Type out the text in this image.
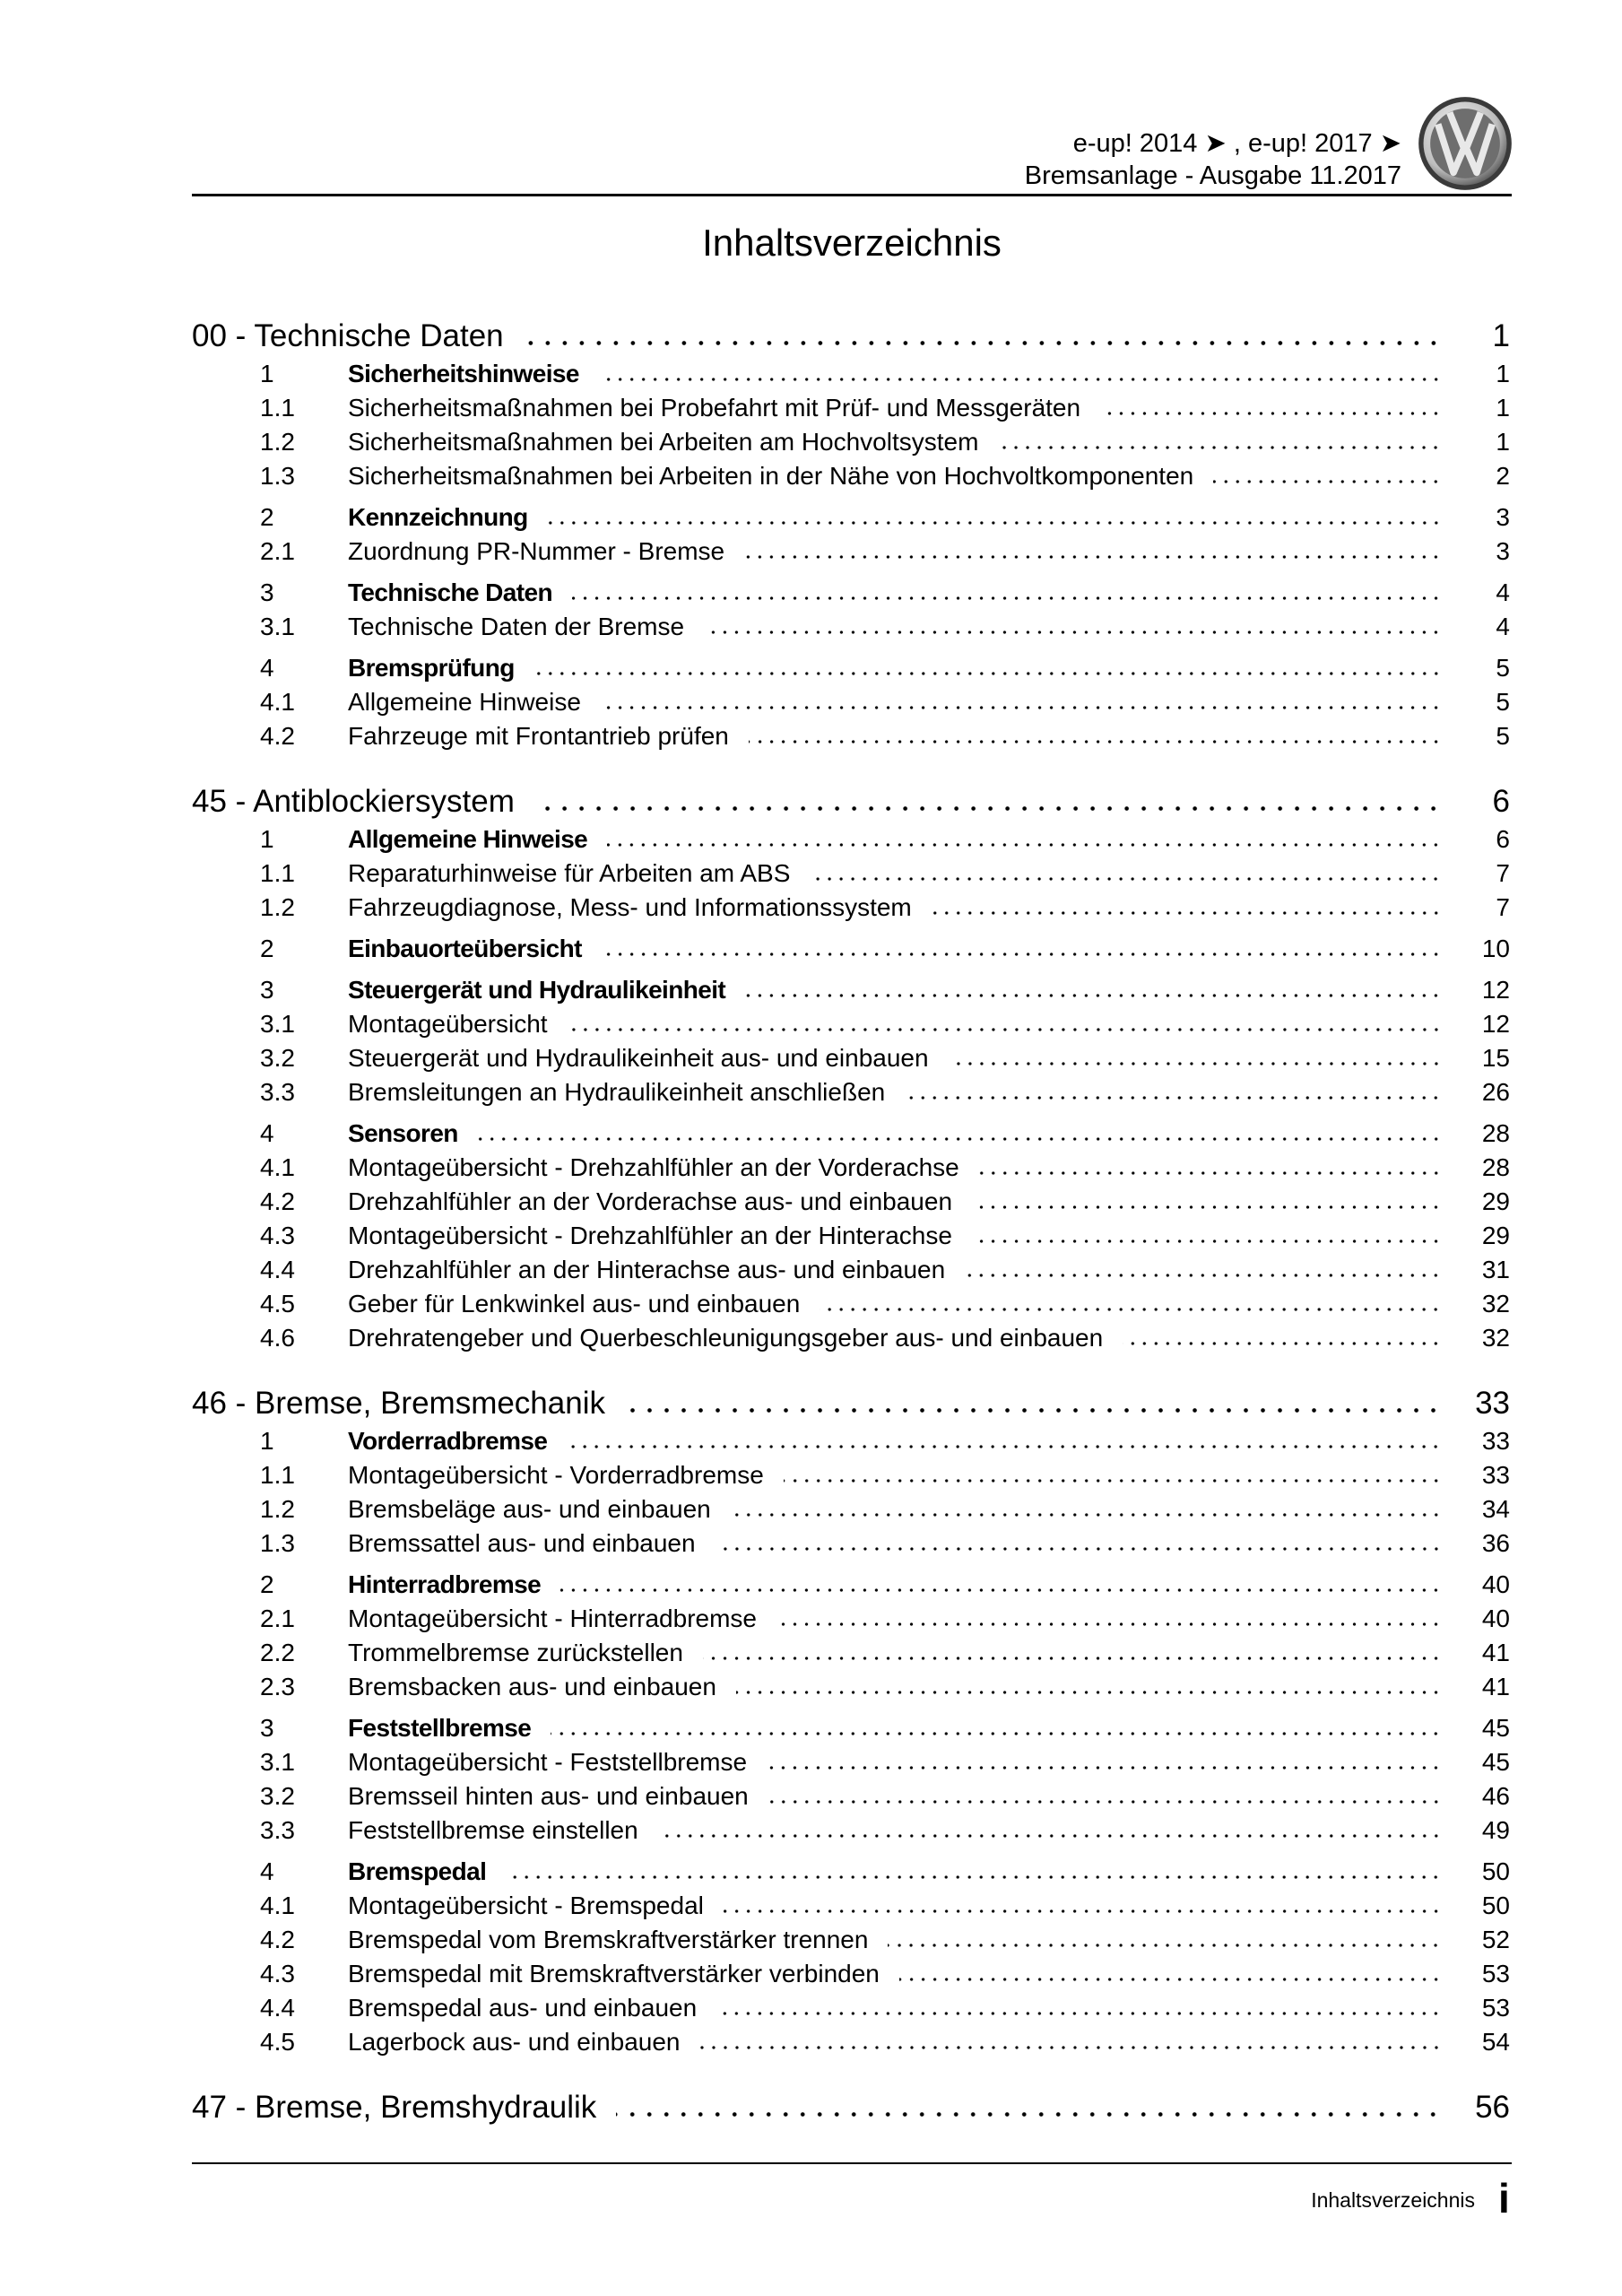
e-up! 2014 ➤ , e-up! 2017 ➤
Bremsanlage - Ausgabe 11.2017
Inhaltsverzeichnis
00 - Technische Daten	1
1	Sicherheitshinweise	1
1.1	Sicherheitsmaßnahmen bei Probefahrt mit Prüf- und Messgeräten	1
1.2	Sicherheitsmaßnahmen bei Arbeiten am Hochvoltsystem	1
1.3	Sicherheitsmaßnahmen bei Arbeiten in der Nähe von Hochvoltkomponenten	2
2	Kennzeichnung	3
2.1	Zuordnung PR-Nummer - Bremse	3
3	Technische Daten	4
3.1	Technische Daten der Bremse	4
4	Bremsprüfung	5
4.1	Allgemeine Hinweise	5
4.2	Fahrzeuge mit Frontantrieb prüfen	5
45 - Antiblockiersystem	6
1	Allgemeine Hinweise	6
1.1	Reparaturhinweise für Arbeiten am ABS	7
1.2	Fahrzeugdiagnose, Mess- und Informationssystem	7
2	Einbauorteübersicht	10
3	Steuergerät und Hydraulikeinheit	12
3.1	Montageübersicht	12
3.2	Steuergerät und Hydraulikeinheit aus- und einbauen	15
3.3	Bremsleitungen an Hydraulikeinheit anschließen	26
4	Sensoren	28
4.1	Montageübersicht - Drehzahlfühler an der Vorderachse	28
4.2	Drehzahlfühler an der Vorderachse aus- und einbauen	29
4.3	Montageübersicht - Drehzahlfühler an der Hinterachse	29
4.4	Drehzahlfühler an der Hinterachse aus- und einbauen	31
4.5	Geber für Lenkwinkel aus- und einbauen	32
4.6	Drehratengeber und Querbeschleunigungsgeber aus- und einbauen	32
46 - Bremse, Bremsmechanik	33
1	Vorderradbremse	33
1.1	Montageübersicht - Vorderradbremse	33
1.2	Bremsbeläge aus- und einbauen	34
1.3	Bremssattel aus- und einbauen	36
2	Hinterradbremse	40
2.1	Montageübersicht - Hinterradbremse	40
2.2	Trommelbremse zurückstellen	41
2.3	Bremsbacken aus- und einbauen	41
3	Feststellbremse	45
3.1	Montageübersicht - Feststellbremse	45
3.2	Bremsseil hinten aus- und einbauen	46
3.3	Feststellbremse einstellen	49
4	Bremspedal	50
4.1	Montageübersicht - Bremspedal	50
4.2	Bremspedal vom Bremskraftverstärker trennen	52
4.3	Bremspedal mit Bremskraftverstärker verbinden	53
4.4	Bremspedal aus- und einbauen	53
4.5	Lagerbock aus- und einbauen	54
47 - Bremse, Bremshydraulik	56
Inhaltsverzeichnis i
